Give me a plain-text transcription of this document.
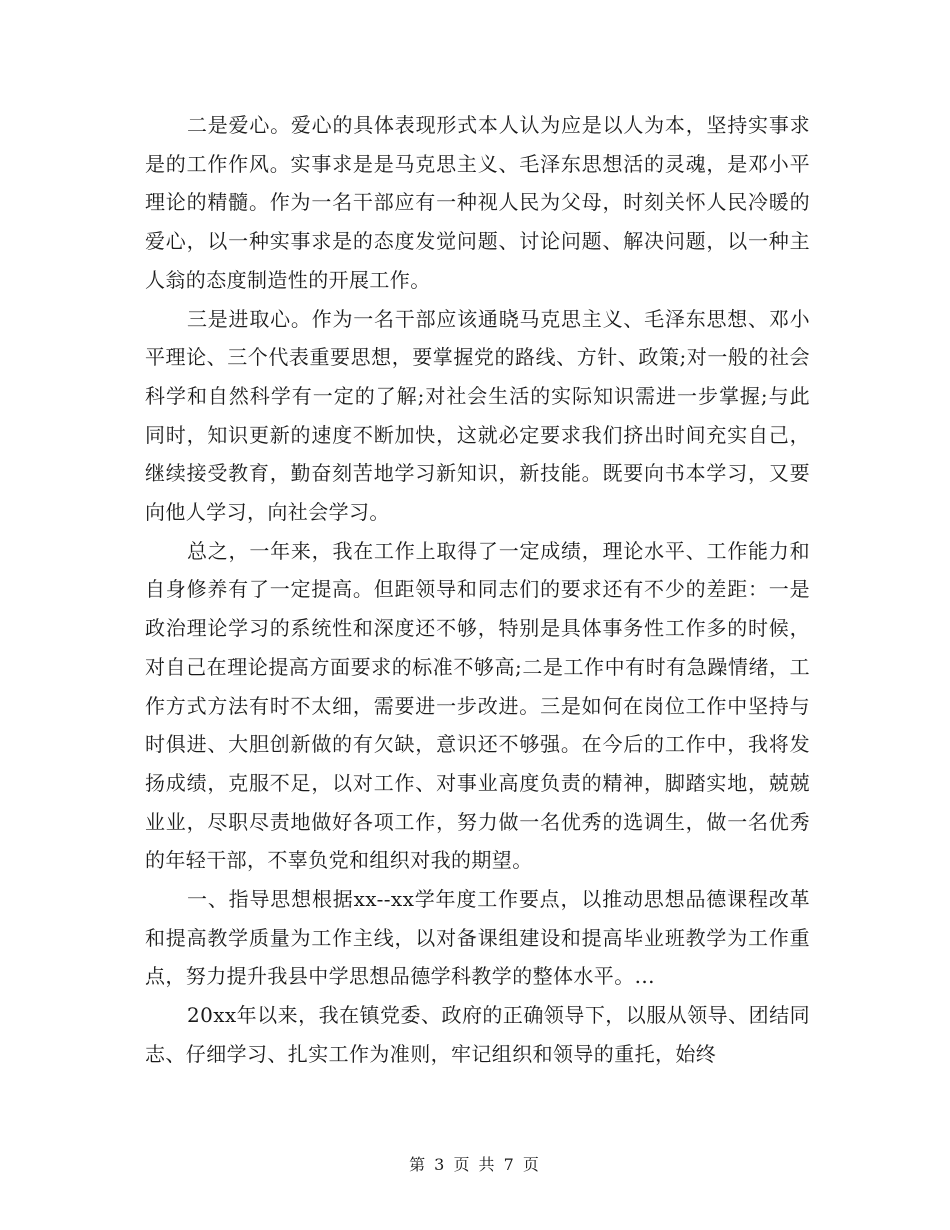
二是爱心。爱心的具体表现形式本人认为应是以人为本，坚持实事求是的工作作风。实事求是是马克思主义、毛泽东思想活的灵魂，是邓小平理论的精髓。作为一名干部应有一种视人民为父母，时刻关怀人民冷暖的爱心，以一种实事求是的态度发觉问题、讨论问题、解决问题，以一种主人翁的态度制造性的开展工作。

三是进取心。作为一名干部应该通晓马克思主义、毛泽东思想、邓小平理论、三个代表重要思想，要掌握党的路线、方针、政策;对一般的社会科学和自然科学有一定的了解;对社会生活的实际知识需进一步掌握;与此同时，知识更新的速度不断加快，这就必定要求我们挤出时间充实自己，继续接受教育，勤奋刻苦地学习新知识，新技能。既要向书本学习，又要向他人学习，向社会学习。

总之，一年来，我在工作上取得了一定成绩，理论水平、工作能力和自身修养有了一定提高。但距领导和同志们的要求还有不少的差距：一是政治理论学习的系统性和深度还不够，特别是具体事务性工作多的时候，对自己在理论提高方面要求的标准不够高;二是工作中有时有急躁情绪，工作方式方法有时不太细，需要进一步改进。三是如何在岗位工作中坚持与时俱进、大胆创新做的有欠缺，意识还不够强。在今后的工作中，我将发扬成绩，克服不足，以对工作、对事业高度负责的精神，脚踏实地，兢兢业业，尽职尽责地做好各项工作，努力做一名优秀的选调生，做一名优秀的年轻干部，不辜负党和组织对我的期望。

一、指导思想根据xx--xx学年度工作要点，以推动思想品德课程改革和提高教学质量为工作主线，以对备课组建设和提高毕业班教学为工作重点，努力提升我县中学思想品德学科教学的整体水平。...

20xx年以来，我在镇党委、政府的正确领导下，以服从领导、团结同志、仔细学习、扎实工作为准则，牢记组织和领导的重托，始终

第 3 页 共 7 页
